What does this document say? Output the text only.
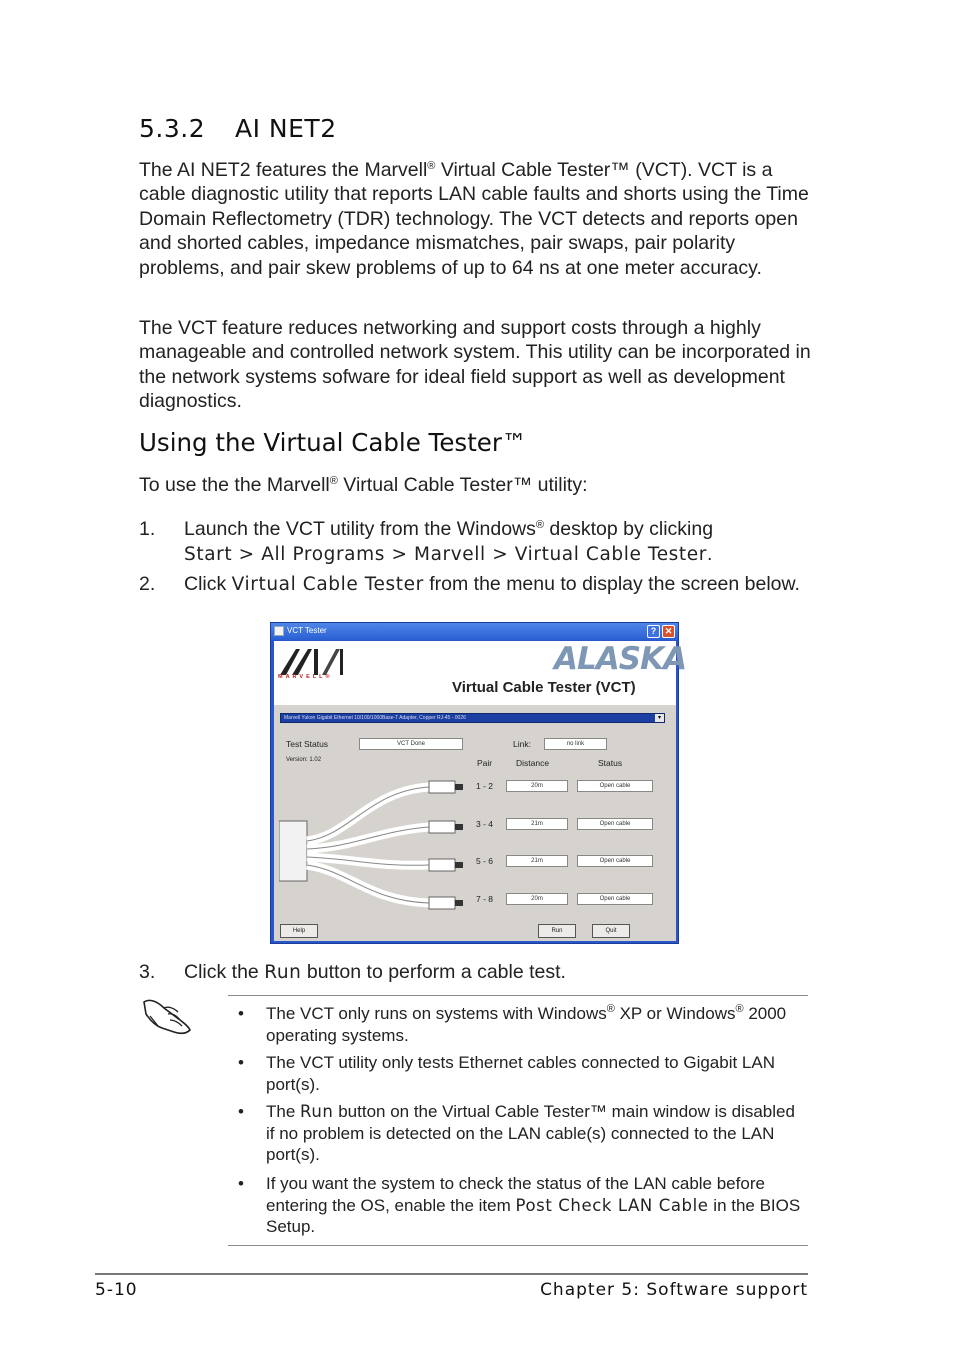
5.3.2 AI NET2
The AI NET2 features the Marvell® Virtual Cable Tester™ (VCT). VCT is a cable diagnostic utility that reports LAN cable faults and shorts using the Time Domain Reflectometry (TDR) technology. The VCT detects and reports open and shorted cables, impedance mismatches, pair swaps, pair polarity problems, and pair skew problems of up to 64 ns at one meter accuracy.
The VCT feature reduces networking and support costs through a highly manageable and controlled network system. This utility can be incorporated in the network systems sofware for ideal field support as well as development diagnostics.
Using the Virtual Cable Tester™
To use the the Marvell® Virtual Cable Tester™ utility:
1. Launch the VCT utility from the Windows® desktop by clicking
Start > All Programs > Marvell > Virtual Cable Tester.
2. Click Virtual Cable Tester from the menu to display the screen below.
VCT Tester	? ✕
MARVELL®	ALASKA
Virtual Cable Tester (VCT)
Marvell Yukon Gigabit Ethernet 10/100/1000Base-T Adapter, Copper RJ-45 - 0026	▾
Test Status	VCT Done
Version: 1.02
Link:	no link
Pair	Distance	Status
1 - 2	20m	Open cable
3 - 4	21m	Open cable
5 - 6	21m	Open cable
7 - 8	20m	Open cable
Help	Run	Quit
3. Click the Run button to perform a cable test.
• The VCT only runs on systems with Windows® XP or Windows® 2000 operating systems.
• The VCT utility only tests Ethernet cables connected to Gigabit LAN port(s).
• The Run button on the Virtual Cable Tester™ main window is disabled if no problem is detected on the LAN cable(s) connected to the LAN port(s).
• If you want the system to check the status of the LAN cable before entering the OS, enable the item Post Check LAN Cable in the BIOS Setup.
5-10	Chapter 5: Software support
